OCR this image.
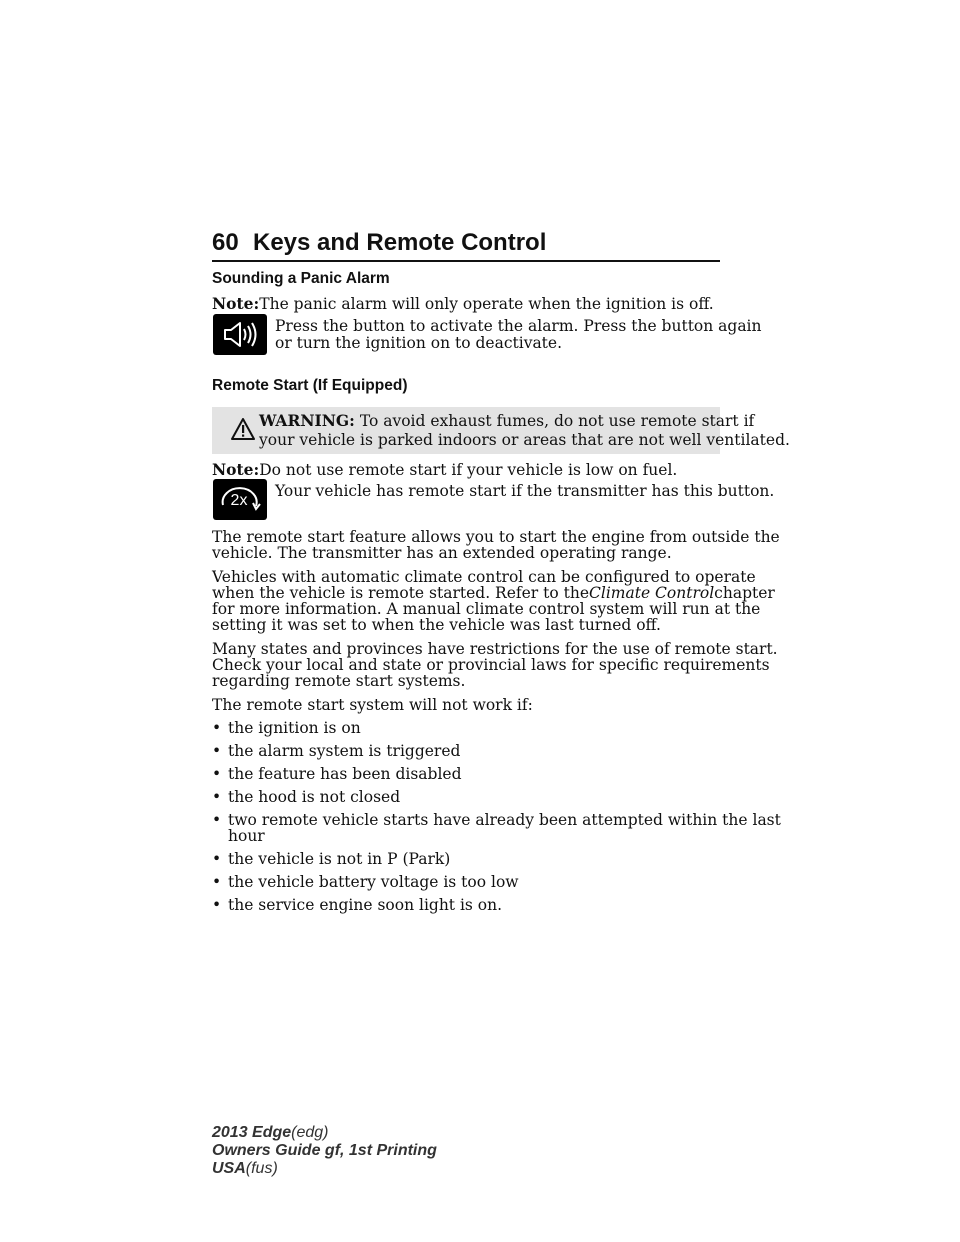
60 Keys and Remote Control
Sounding a Panic Alarm
Note:The panic alarm will only operate when the ignition is off.
Press the button to activate the alarm. Press the button again
or turn the ignition on to deactivate.
Remote Start (If Equipped)
WARNING: To avoid exhaust fumes, do not use remote start if
your vehicle is parked indoors or areas that are not well ventilated.
Note:Do not use remote start if your vehicle is low on fuel.
2x
Your vehicle has remote start if the transmitter has this button.
The remote start feature allows you to start the engine from outside the
vehicle. The transmitter has an extended operating range.
Vehicles with automatic climate control can be configured to operate
when the vehicle is remote started. Refer to theClimate Controlchapter
for more information. A manual climate control system will run at the
setting it was set to when the vehicle was last turned off.
Many states and provinces have restrictions for the use of remote start.
Check your local and state or provincial laws for specific requirements
regarding remote start systems.
The remote start system will not work if:
• the ignition is on
• the alarm system is triggered
• the feature has been disabled
• the hood is not closed
• two remote vehicle starts have already been attempted within the last
hour
• the vehicle is not in P (Park)
• the vehicle battery voltage is too low
• the service engine soon light is on.
2013 Edge(edg)
Owners Guide gf, 1st Printing
USA(fus)
